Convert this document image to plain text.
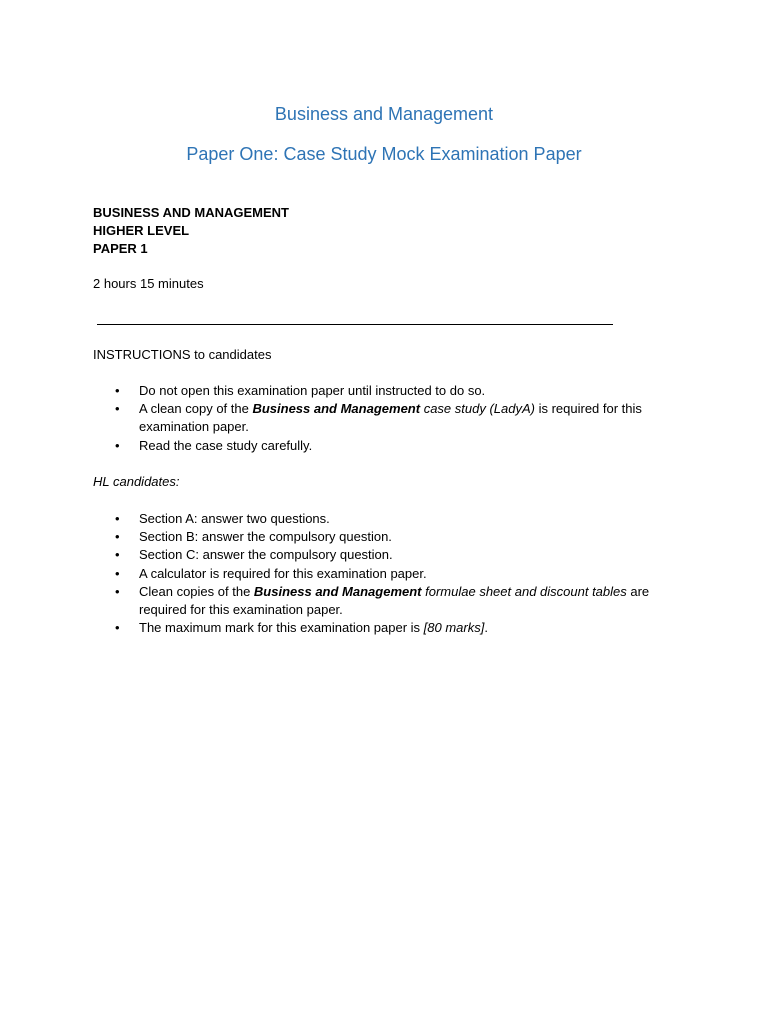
Business and Management
Paper One: Case Study Mock Examination Paper
BUSINESS AND MANAGEMENT
HIGHER LEVEL
PAPER 1
2 hours 15 minutes
INSTRUCTIONS to candidates
• Do not open this examination paper until instructed to do so.
• A clean copy of the Business and Management case study (LadyA) is required for this examination paper.
• Read the case study carefully.
HL candidates:
• Section A: answer two questions.
• Section B: answer the compulsory question.
• Section C: answer the compulsory question.
• A calculator is required for this examination paper.
• Clean copies of the Business and Management formulae sheet and discount tables are required for this examination paper.
• The maximum mark for this examination paper is [80 marks].
